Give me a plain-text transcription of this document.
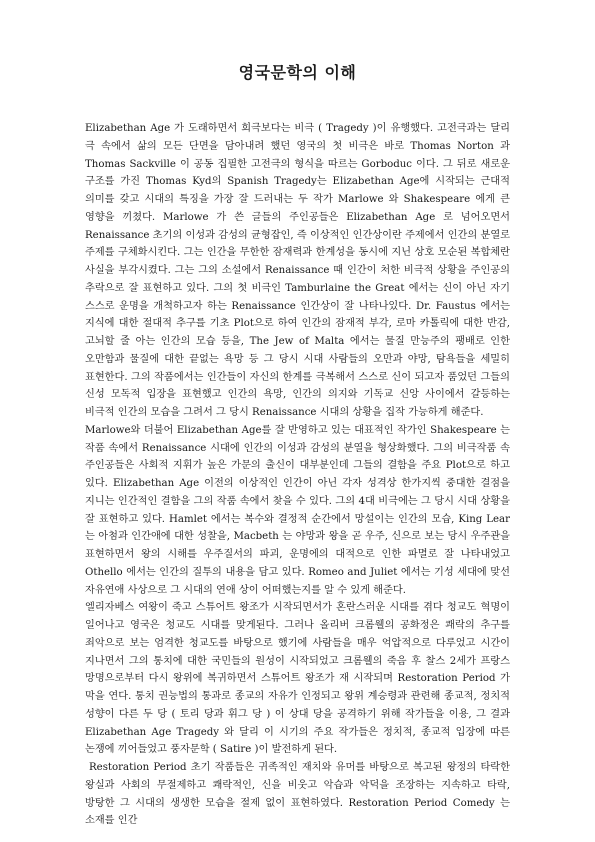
영국문학의 이해

Elizabethan Age 가 도래하면서 희극보다는 비극 ( Tragedy )이 유행했다. 고전극과는 달리 극 속에서 삶의 모든 단면을 담아내려 했던 영국의 첫 비극은 바로 Thomas Norton 과 Thomas Sackville 이 공동 집필한 고전극의 형식을 따르는 Gorboduc 이다. 그 뒤로 새로운 구조를 가진 Thomas Kyd의 Spanish Tragedy는 Elizabethan Age에 시작되는 근대적 의미를 갖고 시대의 특징을 가장 잘 드러내는 두 작가 Marlowe 와 Shakespeare 에게 큰 영향을 끼쳤다. Marlowe 가 쓴 글들의 주인공들은 Elizabethan Age 로 넘어오면서 Renaissance 초기의 이성과 감성의 균형잡인, 즉 이상적인 인간상이란 주제에서 인간의 분열로 주제를 구체화시킨다. 그는 인간을 무한한 잠재력과 한계성을 동시에 지닌 상호 모순된 복합체란 사실을 부각시켰다. 그는 그의 소설에서 Renaissance 때 인간이 처한 비극적 상황을 주인공의 추락으로 잘 표현하고 있다. 그의 첫 비극인 Tamburlaine the Great 에서는 신이 아닌 자기 스스로 운명을 개척하고자 하는 Renaissance 인간상이 잘 나타나있다. Dr. Faustus 에서는 지식에 대한 절대적 추구를 기초 Plot으로 하여 인간의 잠재적 부각, 로마 카톨릭에 대한 반감, 고뇌할 줄 아는 인간의 모습 등을, The Jew of Malta 에서는 물질 만능주의 팽배로 인한 오만함과 물질에 대한 끝없는 욕망 등 그 당시 시대 사람들의 오만과 야망, 탐욕들을 세밀히 표현한다. 그의 작품에서는 인간들이 자신의 한계를 극복해서 스스로 신이 되고자 품었던 그들의 신성 모독적 입장을 표현했고 인간의 욕망, 인간의 의지와 기독교 신앙 사이에서 갈등하는 비극적 인간의 모습을 그려서 그 당시 Renaissance 시대의 상황을 집작 가능하게 해준다.

Marlowe와 더불어 Elizabethan Age를 잘 반영하고 있는 대표적인 작가인 Shakespeare 는 작품 속에서 Renaissance 시대에 인간의 이성과 감성의 분열을 형상화했다. 그의 비극작품 속 주인공들은 사회적 지휘가 높은 가문의 출신이 대부분인데 그들의 결함을 주요 Plot으로 하고 있다. Elizabethan Age 이전의 이상적인 인간이 아닌 각자 성격상 한가지씩 중대한 결점을 지니는 인간적인 결함을 그의 작품 속에서 찾을 수 있다. 그의 4대 비극에는 그 당시 시대 상황을 잘 표현하고 있다. Hamlet 에서는 복수와 결정적 순간에서 망설이는 인간의 모습, King Lear 는 아첨과 인간애에 대한 성찰을, Macbeth 는 야망과 왕을 곧 우주, 신으로 보는 당시 우주관을 표현하면서 왕의 시해를 우주질서의 파괴, 운명에의 대적으로 인한 파멸로 잘 나타내었고 Othello 에서는 인간의 질투의 내용을 담고 있다. Romeo and Juliet 에서는 기성 세대에 맞선 자유연애 사상으로 그 시대의 연애 상이 어떠했는지를 알 수 있게 해준다.

엘리자베스 여왕이 죽고 스튜어트 왕조가 시작되면서가 혼란스러운 시대를 겪다 청교도 혁명이 일어나고 영국은 청교도 시대를 맞게된다. 그러나 올리버 크롬웰의 공화정은 쾌락의 추구를 죄악으로 보는 엄격한 청교도를 바탕으로 했기에 사람들을 매우 억압적으로 다루었고 시간이 지나면서 그의 통치에 대한 국민들의 원성이 시작되었고 크롬웰의 죽음 후 찰스 2세가 프랑스 망명으로부터 다시 왕위에 복귀하면서 스튜어트 왕조가 재 시작되며 Restoration Period 가 막을 연다. 통치 권능법의 통과로 종교의 자유가 인정되고 왕위 계승령과 관련해 종교적, 정치적 성향이 다른 두 당 ( 토리 당과 휘그 당 ) 이 상대 당을 공격하기 위해 작가들을 이용, 그 결과 Elizabethan Age Tragedy 와 달리 이 시기의 주요 작가들은 정치적, 종교적 입장에 따른 논쟁에 끼어들었고 풍자문학 ( Satire )이 발전하게 된다.

Restoration Period 초기 작품들은 귀족적인 재치와 유머를 바탕으로 복고된 왕정의 타락한 왕실과 사회의 무절제하고 쾌락적인, 신을 비웃고 악습과 악덕을 조장하는 지속하고 타락, 방탕한 그 시대의 생생한 모습을 절제 없이 표현하였다. Restoration Period Comedy 는 소재를 인간
